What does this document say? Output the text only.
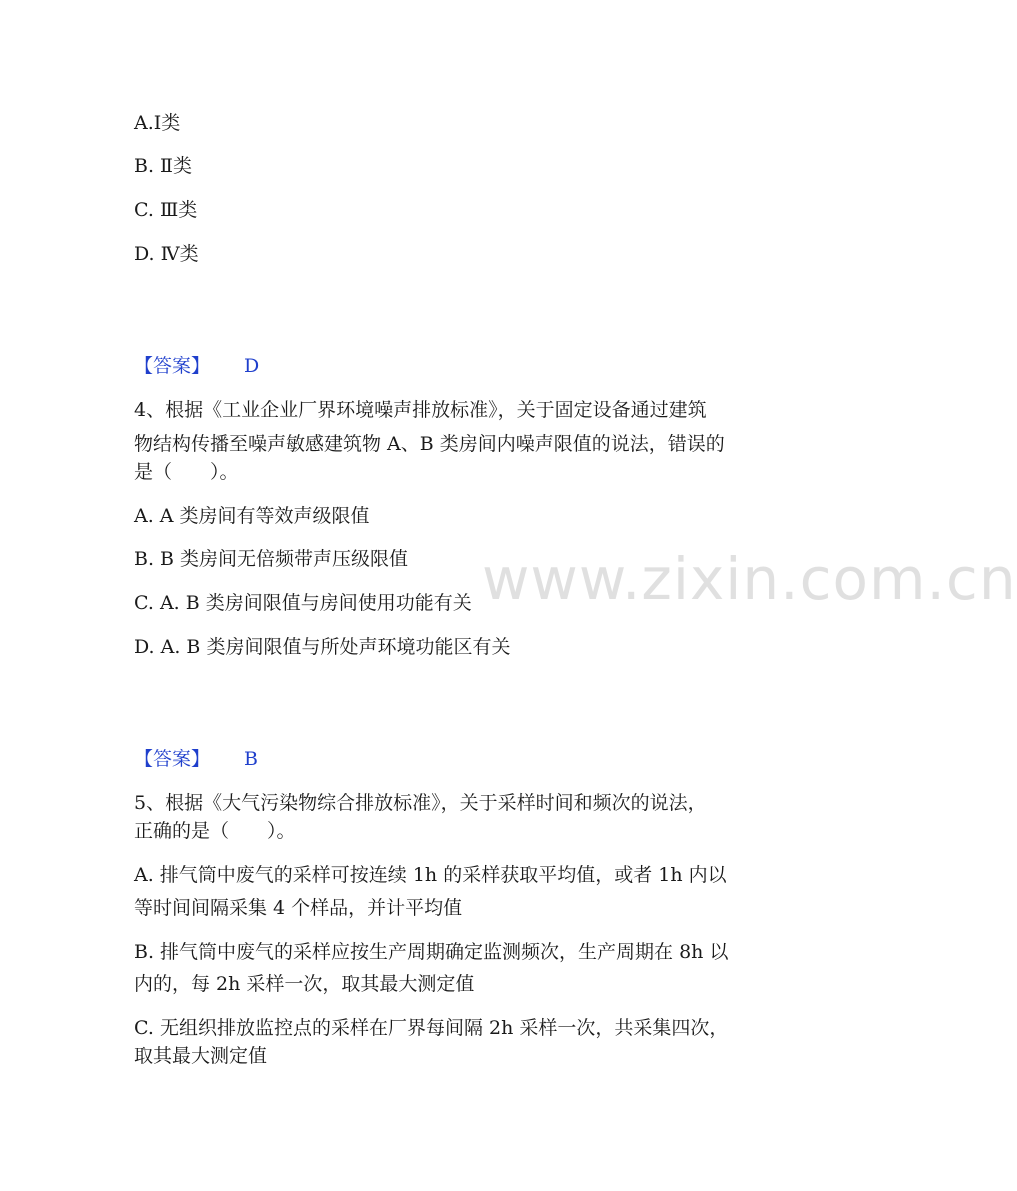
A.Ⅰ类
B. Ⅱ类
C. Ⅲ类
D. Ⅳ类
【答案】 D
4、根据《工业企业厂界环境噪声排放标准》，关于固定设备通过建筑
物结构传播至噪声敏感建筑物 A、B 类房间内噪声限值的说法，错误的
是（　　）。
A. A 类房间有等效声级限值
B. B 类房间无倍频带声压级限值
C. A. B 类房间限值与房间使用功能有关
D. A. B 类房间限值与所处声环境功能区有关
【答案】 B
5、根据《大气污染物综合排放标准》，关于采样时间和频次的说法，
正确的是（　　）。
A. 排气筒中废气的采样可按连续 1h 的采样获取平均值，或者 1h 内以
等时间间隔采集 4 个样品，并计平均值
B. 排气筒中废气的采样应按生产周期确定监测频次，生产周期在 8h 以
内的，每 2h 采样一次，取其最大测定值
C. 无组织排放监控点的采样在厂界每间隔 2h 采样一次，共采集四次，
取其最大测定值
www.zixin.com.cn
